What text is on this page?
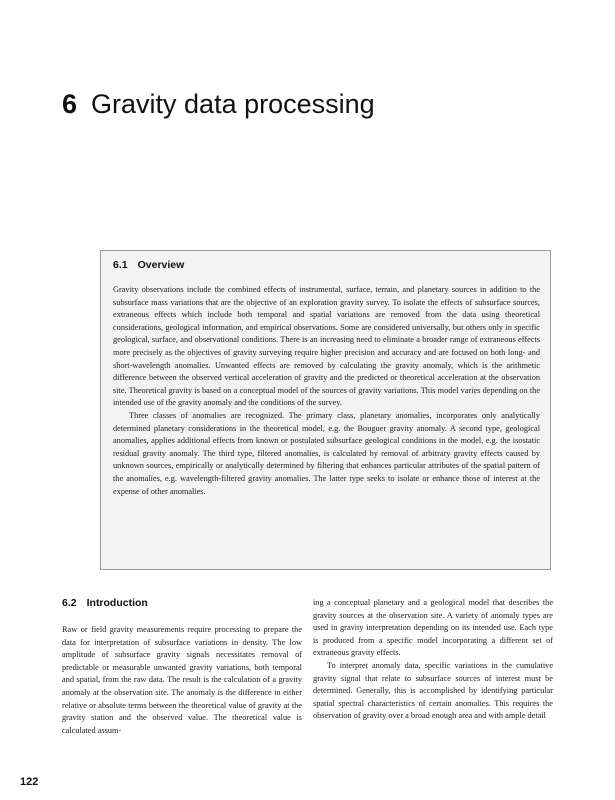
6 Gravity data processing
6.1 Overview

Gravity observations include the combined effects of instrumental, surface, terrain, and planetary sources in addition to the subsurface mass variations that are the objective of an exploration gravity survey. To isolate the effects of subsurface sources, extraneous effects which include both temporal and spatial variations are removed from the data using theoretical considerations, geological information, and empirical observations. Some are considered universally, but others only in specific geological, surface, and observational conditions. There is an increasing need to eliminate a broader range of extraneous effects more precisely as the objectives of gravity surveying require higher precision and accuracy and are focused on both long- and short-wavelength anomalies. Unwanted effects are removed by calculating the gravity anomaly, which is the arithmetic difference between the observed vertical acceleration of gravity and the predicted or theoretical acceleration at the observation site. Theoretical gravity is based on a conceptual model of the sources of gravity variations. This model varies depending on the intended use of the gravity anomaly and the conditions of the survey.

Three classes of anomalies are recognized. The primary class, planetary anomalies, incorporates only analytically determined planetary considerations in the theoretical model, e.g. the Bouguer gravity anomaly. A second type, geological anomalies, applies additional effects from known or postulated subsurface geological conditions in the model, e.g. the isostatic residual gravity anomaly. The third type, filtered anomalies, is calculated by removal of arbitrary gravity effects caused by unknown sources, empirically or analytically determined by filtering that enhances particular attributes of the spatial pattern of the anomalies, e.g. wavelength-filtered gravity anomalies. The latter type seeks to isolate or enhance those of interest at the expense of other anomalies.

6.2 Introduction

Raw or field gravity measurements require processing to prepare the data for interpretation of subsurface variations in density. The low amplitude of subsurface gravity signals necessitates removal of predictable or measurable unwanted gravity variations, both temporal and spatial, from the raw data. The result is the calculation of a gravity anomaly at the observation site. The anomaly is the difference in either relative or absolute terms between the theoretical value of gravity at the gravity station and the observed value. The theoretical value is calculated assum-

ing a conceptual planetary and a geological model that describes the gravity sources at the observation site. A variety of anomaly types are used in gravity interpretation depending on its intended use. Each type is produced from a specific model incorporating a different set of extraneous gravity effects.

To interpret anomaly data, specific variations in the cumulative gravity signal that relate to subsurface sources of interest must be determined. Generally, this is accomplished by identifying particular spatial spectral characteristics of certain anomalies. This requires the observation of gravity over a broad enough area and with ample detail

122
